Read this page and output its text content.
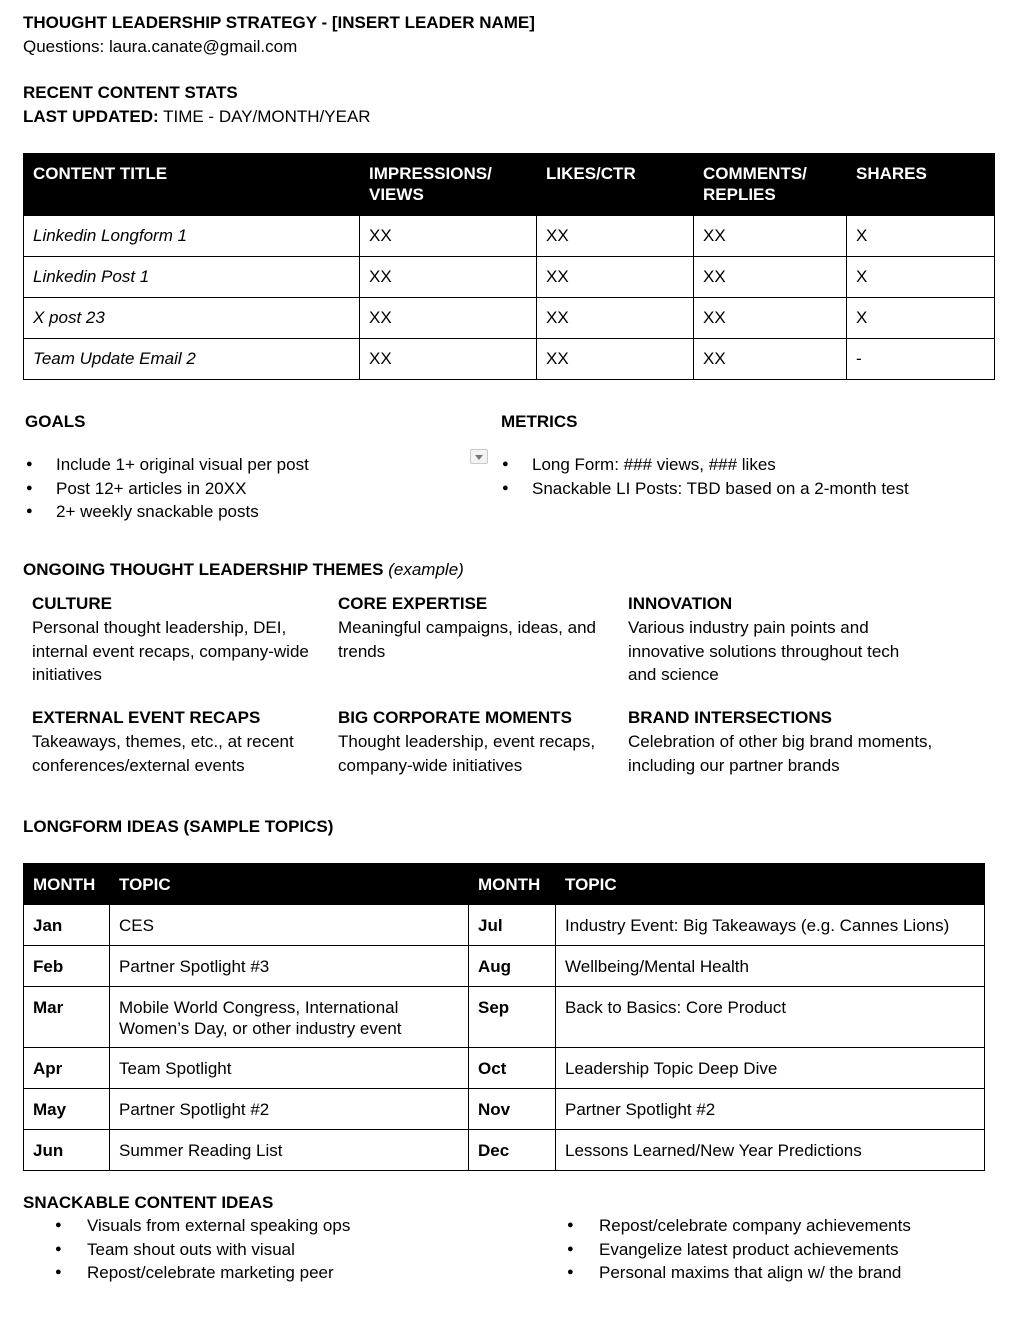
THOUGHT LEADERSHIP STRATEGY - [INSERT LEADER NAME]
Questions: laura.canate@gmail.com
RECENT CONTENT STATS
LAST UPDATED: TIME - DAY/MONTH/YEAR
CONTENT TITLE	IMPRESSIONS/ VIEWS	LIKES/CTR	COMMENTS/ REPLIES	SHARES
Linkedin Longform 1	XX	XX	XX	X
Linkedin Post 1	XX	XX	XX	X
X post 23	XX	XX	XX	X
Team Update Email 2	XX	XX	XX	-
GOALS
● Include 1+ original visual per post
● Post 12+ articles in 20XX
● 2+ weekly snackable posts
METRICS
● Long Form: ### views, ### likes
● Snackable LI Posts: TBD based on a 2-month test
ONGOING THOUGHT LEADERSHIP THEMES (example)
CULTURE
Personal thought leadership, DEI, internal event recaps, company-wide initiatives
CORE EXPERTISE
Meaningful campaigns, ideas, and trends
INNOVATION
Various industry pain points and innovative solutions throughout tech and science
EXTERNAL EVENT RECAPS
Takeaways, themes, etc., at recent conferences/external events
BIG CORPORATE MOMENTS
Thought leadership, event recaps, company-wide initiatives
BRAND INTERSECTIONS
Celebration of other big brand moments, including our partner brands
LONGFORM IDEAS (SAMPLE TOPICS)
MONTH	TOPIC	MONTH	TOPIC
Jan	CES	Jul	Industry Event: Big Takeaways (e.g. Cannes Lions)
Feb	Partner Spotlight #3	Aug	Wellbeing/Mental Health
Mar	Mobile World Congress, International Women’s Day, or other industry event	Sep	Back to Basics: Core Product
Apr	Team Spotlight	Oct	Leadership Topic Deep Dive
May	Partner Spotlight #2	Nov	Partner Spotlight #2
Jun	Summer Reading List	Dec	Lessons Learned/New Year Predictions
SNACKABLE CONTENT IDEAS
● Visuals from external speaking ops
● Team shout outs with visual
● Repost/celebrate marketing peer
● Repost/celebrate company achievements
● Evangelize latest product achievements
● Personal maxims that align w/ the brand
